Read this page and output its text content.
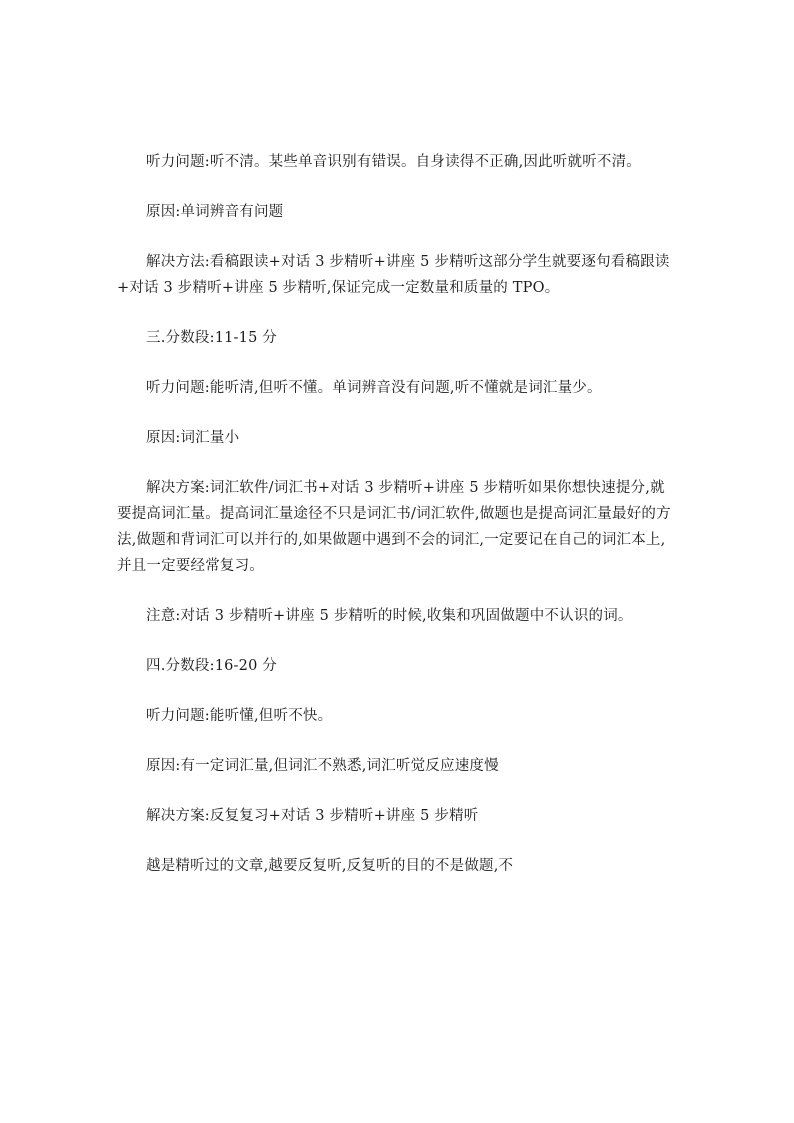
听力问题:听不清。某些单音识别有错误。自身读得不正确,因此听就听不清。

原因:单词辨音有问题

解决方法:看稿跟读+对话 3 步精听+讲座 5 步精听这部分学生就要逐句看稿跟读+对话 3 步精听+讲座 5 步精听,保证完成一定数量和质量的 TPO。

三.分数段:11-15 分

听力问题:能听清,但听不懂。单词辨音没有问题,听不懂就是词汇量少。

原因:词汇量小

解决方案:词汇软件/词汇书+对话 3 步精听+讲座 5 步精听如果你想快速提分,就要提高词汇量。提高词汇量途径不只是词汇书/词汇软件,做题也是提高词汇量最好的方法,做题和背词汇可以并行的,如果做题中遇到不会的词汇,一定要记在自己的词汇本上,并且一定要经常复习。

注意:对话 3 步精听+讲座 5 步精听的时候,收集和巩固做题中不认识的词。

四.分数段:16-20 分

听力问题:能听懂,但听不快。

原因:有一定词汇量,但词汇不熟悉,词汇听觉反应速度慢

解决方案:反复复习+对话 3 步精听+讲座 5 步精听

越是精听过的文章,越要反复听,反复听的目的不是做题,不
